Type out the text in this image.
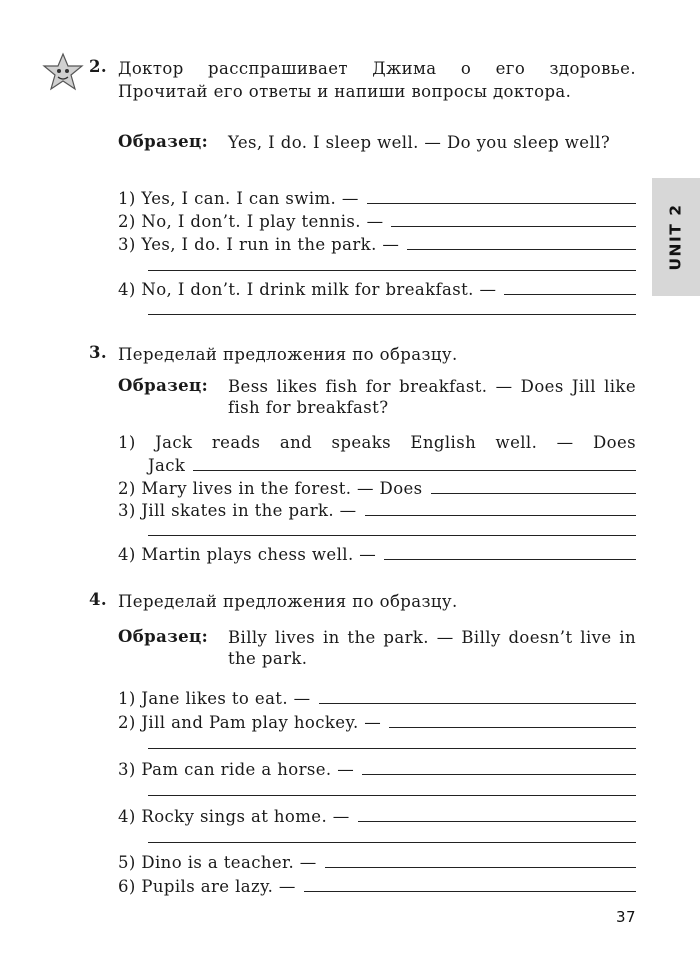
2. Доктор расспрашивает Джима о его здоровье. Прочитай его ответы и напиши вопросы доктора.
Образец: Yes, I do. I sleep well. — Do you sleep well?
1) Yes, I can. I can swim. —
2) No, I don’t. I play tennis. —
3) Yes, I do. I run in the park. —
4) No, I don’t. I drink milk for breakfast. —
UNIT 2
3. Переделай предложения по образцу.
Образец: Bess likes fish for breakfast. — Does Jill like fish for breakfast?
1) Jack reads and speaks English well. — Does
Jack
2) Mary lives in the forest. — Does
3) Jill skates in the park. —
4) Martin plays chess well. —
4. Переделай предложения по образцу.
Образец: Billy lives in the park. — Billy doesn’t live in the park.
1) Jane likes to eat. —
2) Jill and Pam play hockey. —
3) Pam can ride a horse. —
4) Rocky sings at home. —
5) Dino is a teacher. —
6) Pupils are lazy. —
37
